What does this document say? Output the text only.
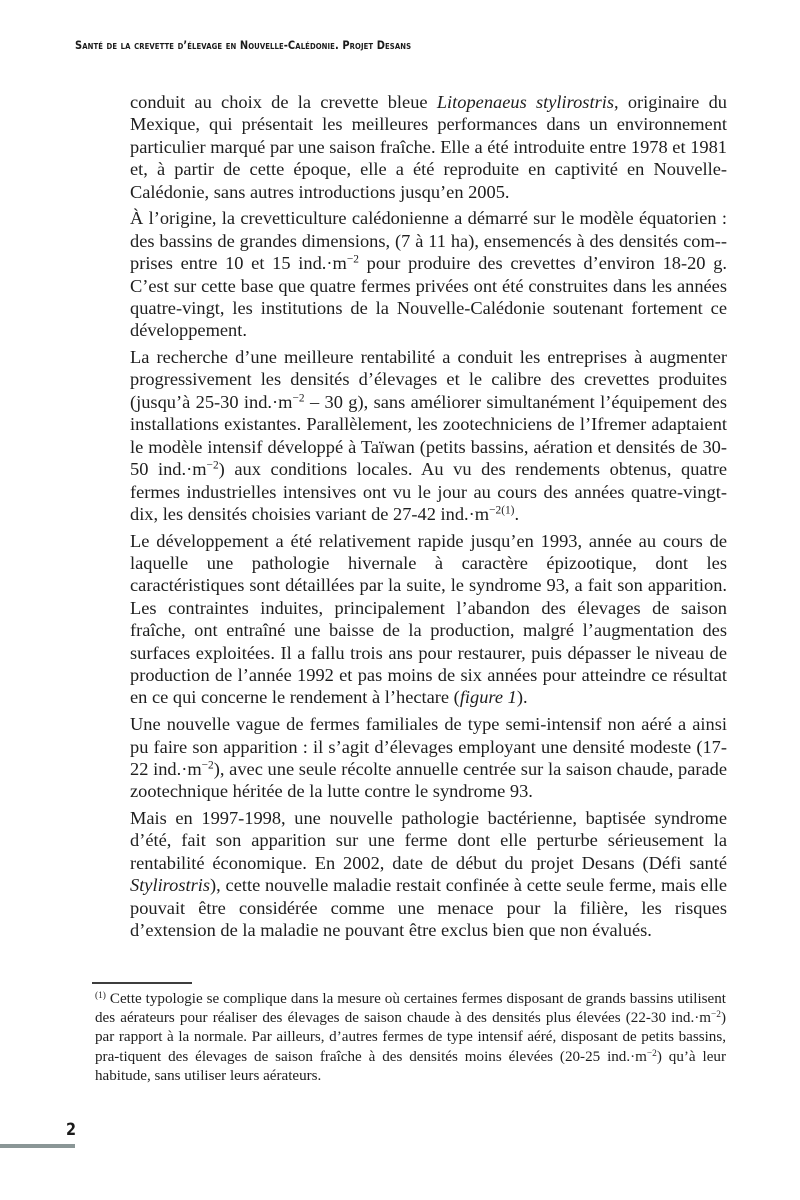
Santé de la crevette d’élevage en Nouvelle-Calédonie. Projet Desans

conduit au choix de la crevette bleue Litopenaeus stylirostris, originaire du Mexique, qui présentait les meilleures performances dans un environnement particulier marqué par une saison fraîche. Elle a été introduite entre 1978 et 1981 et, à partir de cette époque, elle a été reproduite en captivité en Nouvelle-Calédonie, sans autres introductions jusqu’en 2005.

À l’origine, la crevetticulture calédonienne a démarré sur le modèle équatorien : des bassins de grandes dimensions, (7 à 11 ha), ensemencés à des densités com-prises entre 10 et 15 $ind.\cdot m^{-2}$ pour produire des crevettes d’environ 18-20 g. C’est sur cette base que quatre fermes privées ont été construites dans les années quatre-vingt, les institutions de la Nouvelle-Calédonie soutenant fortement ce développement.

La recherche d’une meilleure rentabilité a conduit les entreprises à augmenter progressivement les densités d’élevages et le calibre des crevettes produites (jusqu’à 25-30 $ind.\cdot m^{-2} - 30$ g), sans améliorer simultanément l’équipement des installations existantes. Parallèlement, les zootechniciens de l’Ifremer adaptaient le modèle intensif développé à Taïwan (petits bassins, aération et densités de 30-50 $ind.\cdot m^{-2}$) aux conditions locales. Au vu des rendements obtenus, quatre fermes industrielles intensives ont vu le jour au cours des années quatre-vingt-dix, les densités choisies variant de 27-42 $ind.\cdot m^{-2(1)}$.

Le développement a été relativement rapide jusqu’en 1993, année au cours de laquelle une pathologie hivernale à caractère épizootique, dont les caractéristiques sont détaillées par la suite, le syndrome 93, a fait son apparition. Les contraintes induites, principalement l’abandon des élevages de saison fraîche, ont entraîné une baisse de la production, malgré l’augmentation des surfaces exploitées. Il a fallu trois ans pour restaurer, puis dépasser le niveau de production de l’année 1992 et pas moins de six années pour atteindre ce résultat en ce qui concerne le rendement à l’hectare (figure 1).

Une nouvelle vague de fermes familiales de type semi-intensif non aéré a ainsi pu faire son apparition : il s’agit d’élevages employant une densité modeste (17-22 $ind.\cdot m^{-2}$), avec une seule récolte annuelle centrée sur la saison chaude, parade zootechnique héritée de la lutte contre le syndrome 93.

Mais en 1997-1998, une nouvelle pathologie bactérienne, baptisée syndrome d’été, fait son apparition sur une ferme dont elle perturbe sérieusement la rentabilité économique. En 2002, date de début du projet Desans (Défi santé Stylirostris), cette nouvelle maladie restait confinée à cette seule ferme, mais elle pouvait être considérée comme une menace pour la filière, les risques d’extension de la maladie ne pouvant être exclus bien que non évalués.

$^{(1)}$ Cette typologie se complique dans la mesure où certaines fermes disposant de grands bassins utilisent des aérateurs pour réaliser des élevages de saison chaude à des densités plus élevées (22-30 $ind.\cdot m^{-2}$) par rapport à la normale. Par ailleurs, d’autres fermes de type intensif aéré, disposant de petits bassins, pra-tiquent des élevages de saison fraîche à des densités moins élevées (20-25 $ind.\cdot m^{-2}$) qu’à leur habitude, sans utiliser leurs aérateurs.

2
